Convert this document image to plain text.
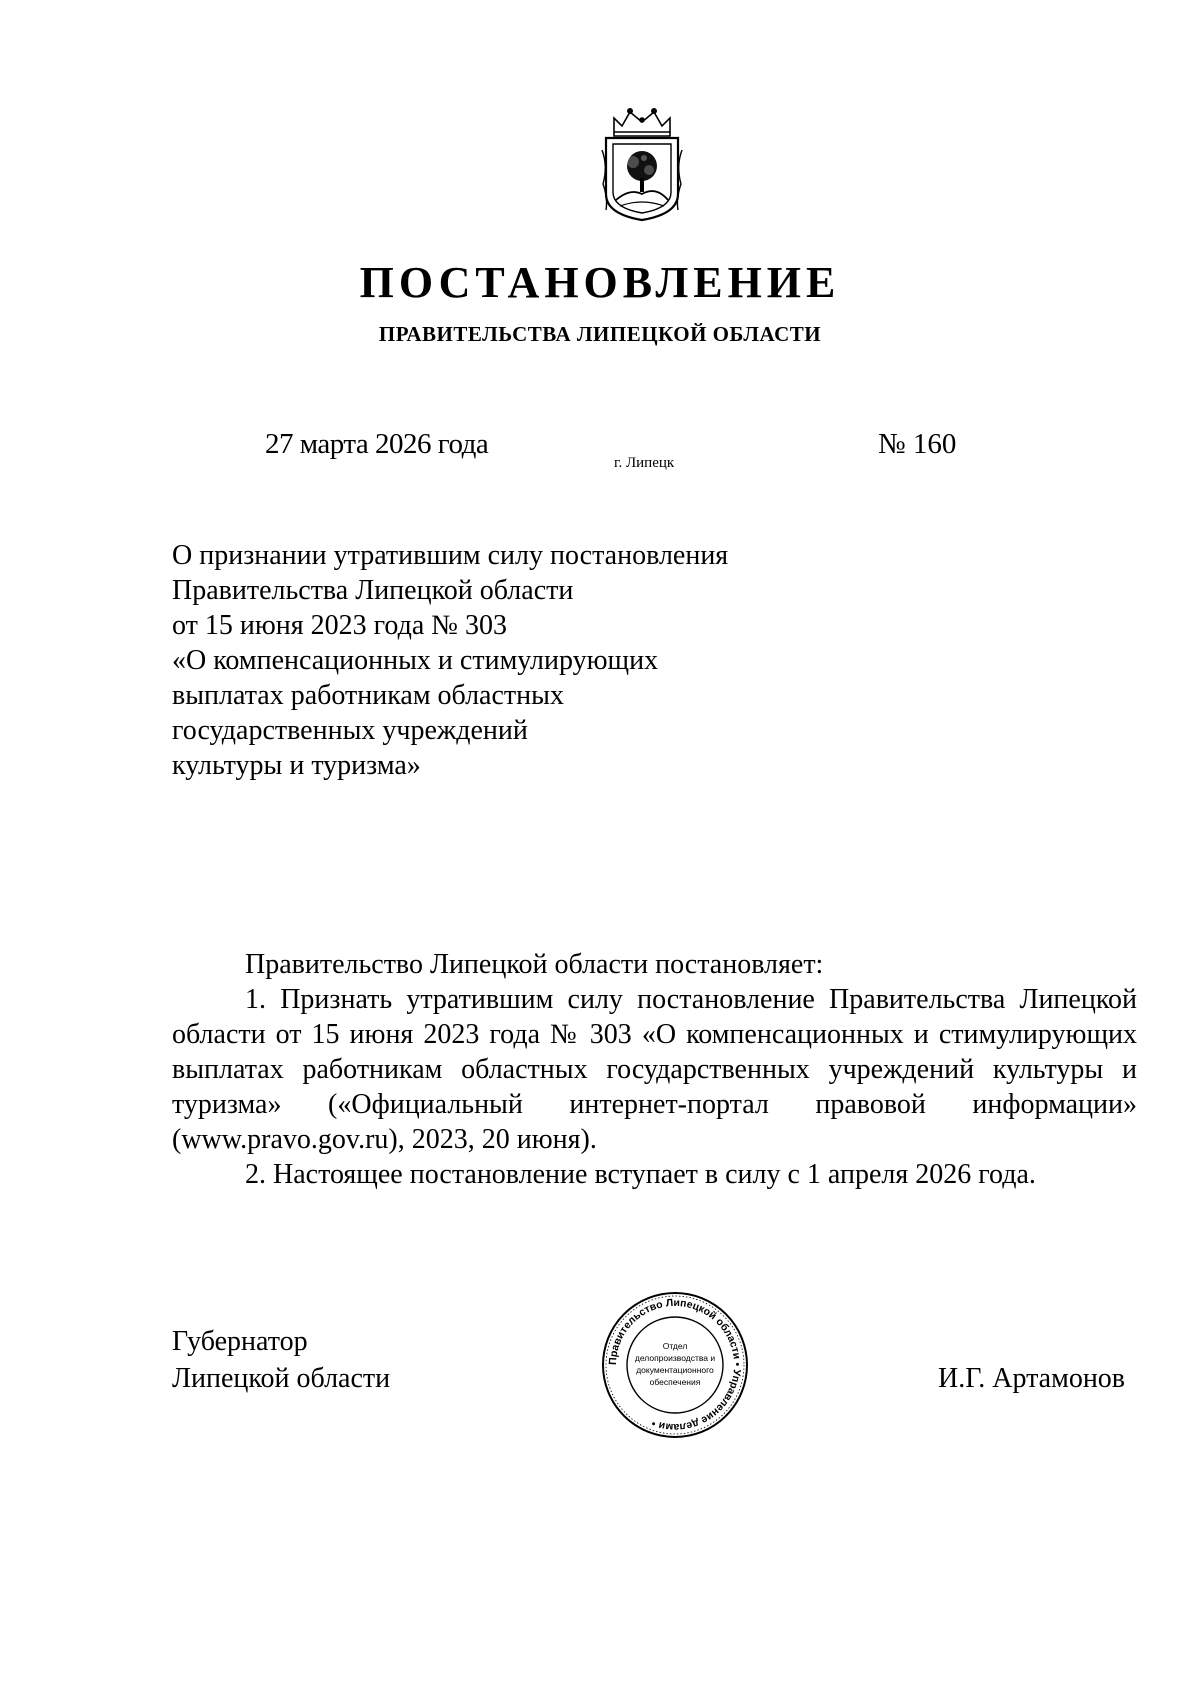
ПОСТАНОВЛЕНИЕ
ПРАВИТЕЛЬСТВА ЛИПЕЦКОЙ ОБЛАСТИ
27 марта 2026 года
г. Липецк
№ 160
О признании утратившим силу постановления
Правительства Липецкой области
от 15 июня 2023 года № 303
«О компенсационных и стимулирующих
выплатах работникам областных
государственных учреждений
культуры и туризма»

Правительство Липецкой области постановляет:

1. Признать утратившим силу постановление Правительства Липецкой области от 15 июня 2023 года № 303 «О компенсационных и стимулирующих выплатах работникам областных государственных учреждений культуры и туризма» («Официальный интернет-портал правовой информации» (www.pravo.gov.ru), 2023, 20 июня).

2. Настоящее постановление вступает в силу с 1 апреля 2026 года.

Губернатор
Липецкой области
Правительство Липецкой области • Управление делами •
Отдел
делопроизводства и
документационного
обеспечения	И.Г. Артамонов
